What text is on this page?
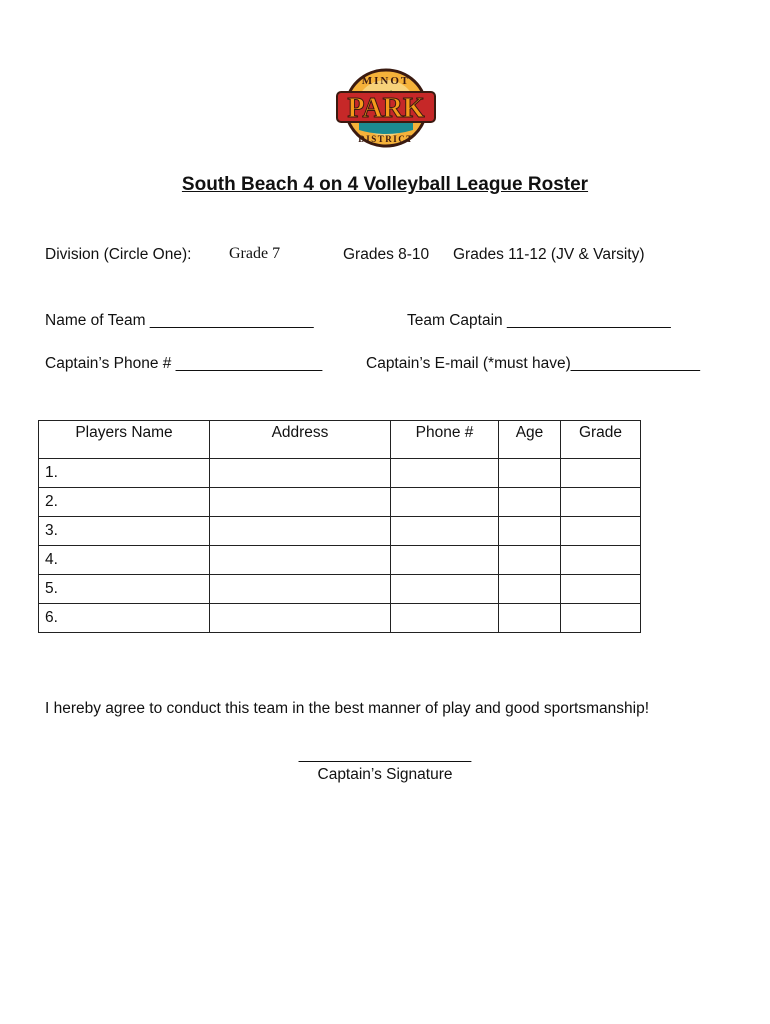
MINOT
PARK
DISTRICT
South Beach 4 on 4 Volleyball League Roster
Division (Circle One): Grade 7	Grades 8-10 Grades 11-12 (JV & Varsity)
Name of Team ___________________	Team Captain ___________________
Captain’s Phone # _________________	Captain’s E-mail (*must have)_______________
Players Name	Address	Phone #	Age	Grade
1.				
2.				
3.				
4.				
5.				
6.				
I hereby agree to conduct this team in the best manner of play and good sportsmanship!
____________________
Captain’s Signature
